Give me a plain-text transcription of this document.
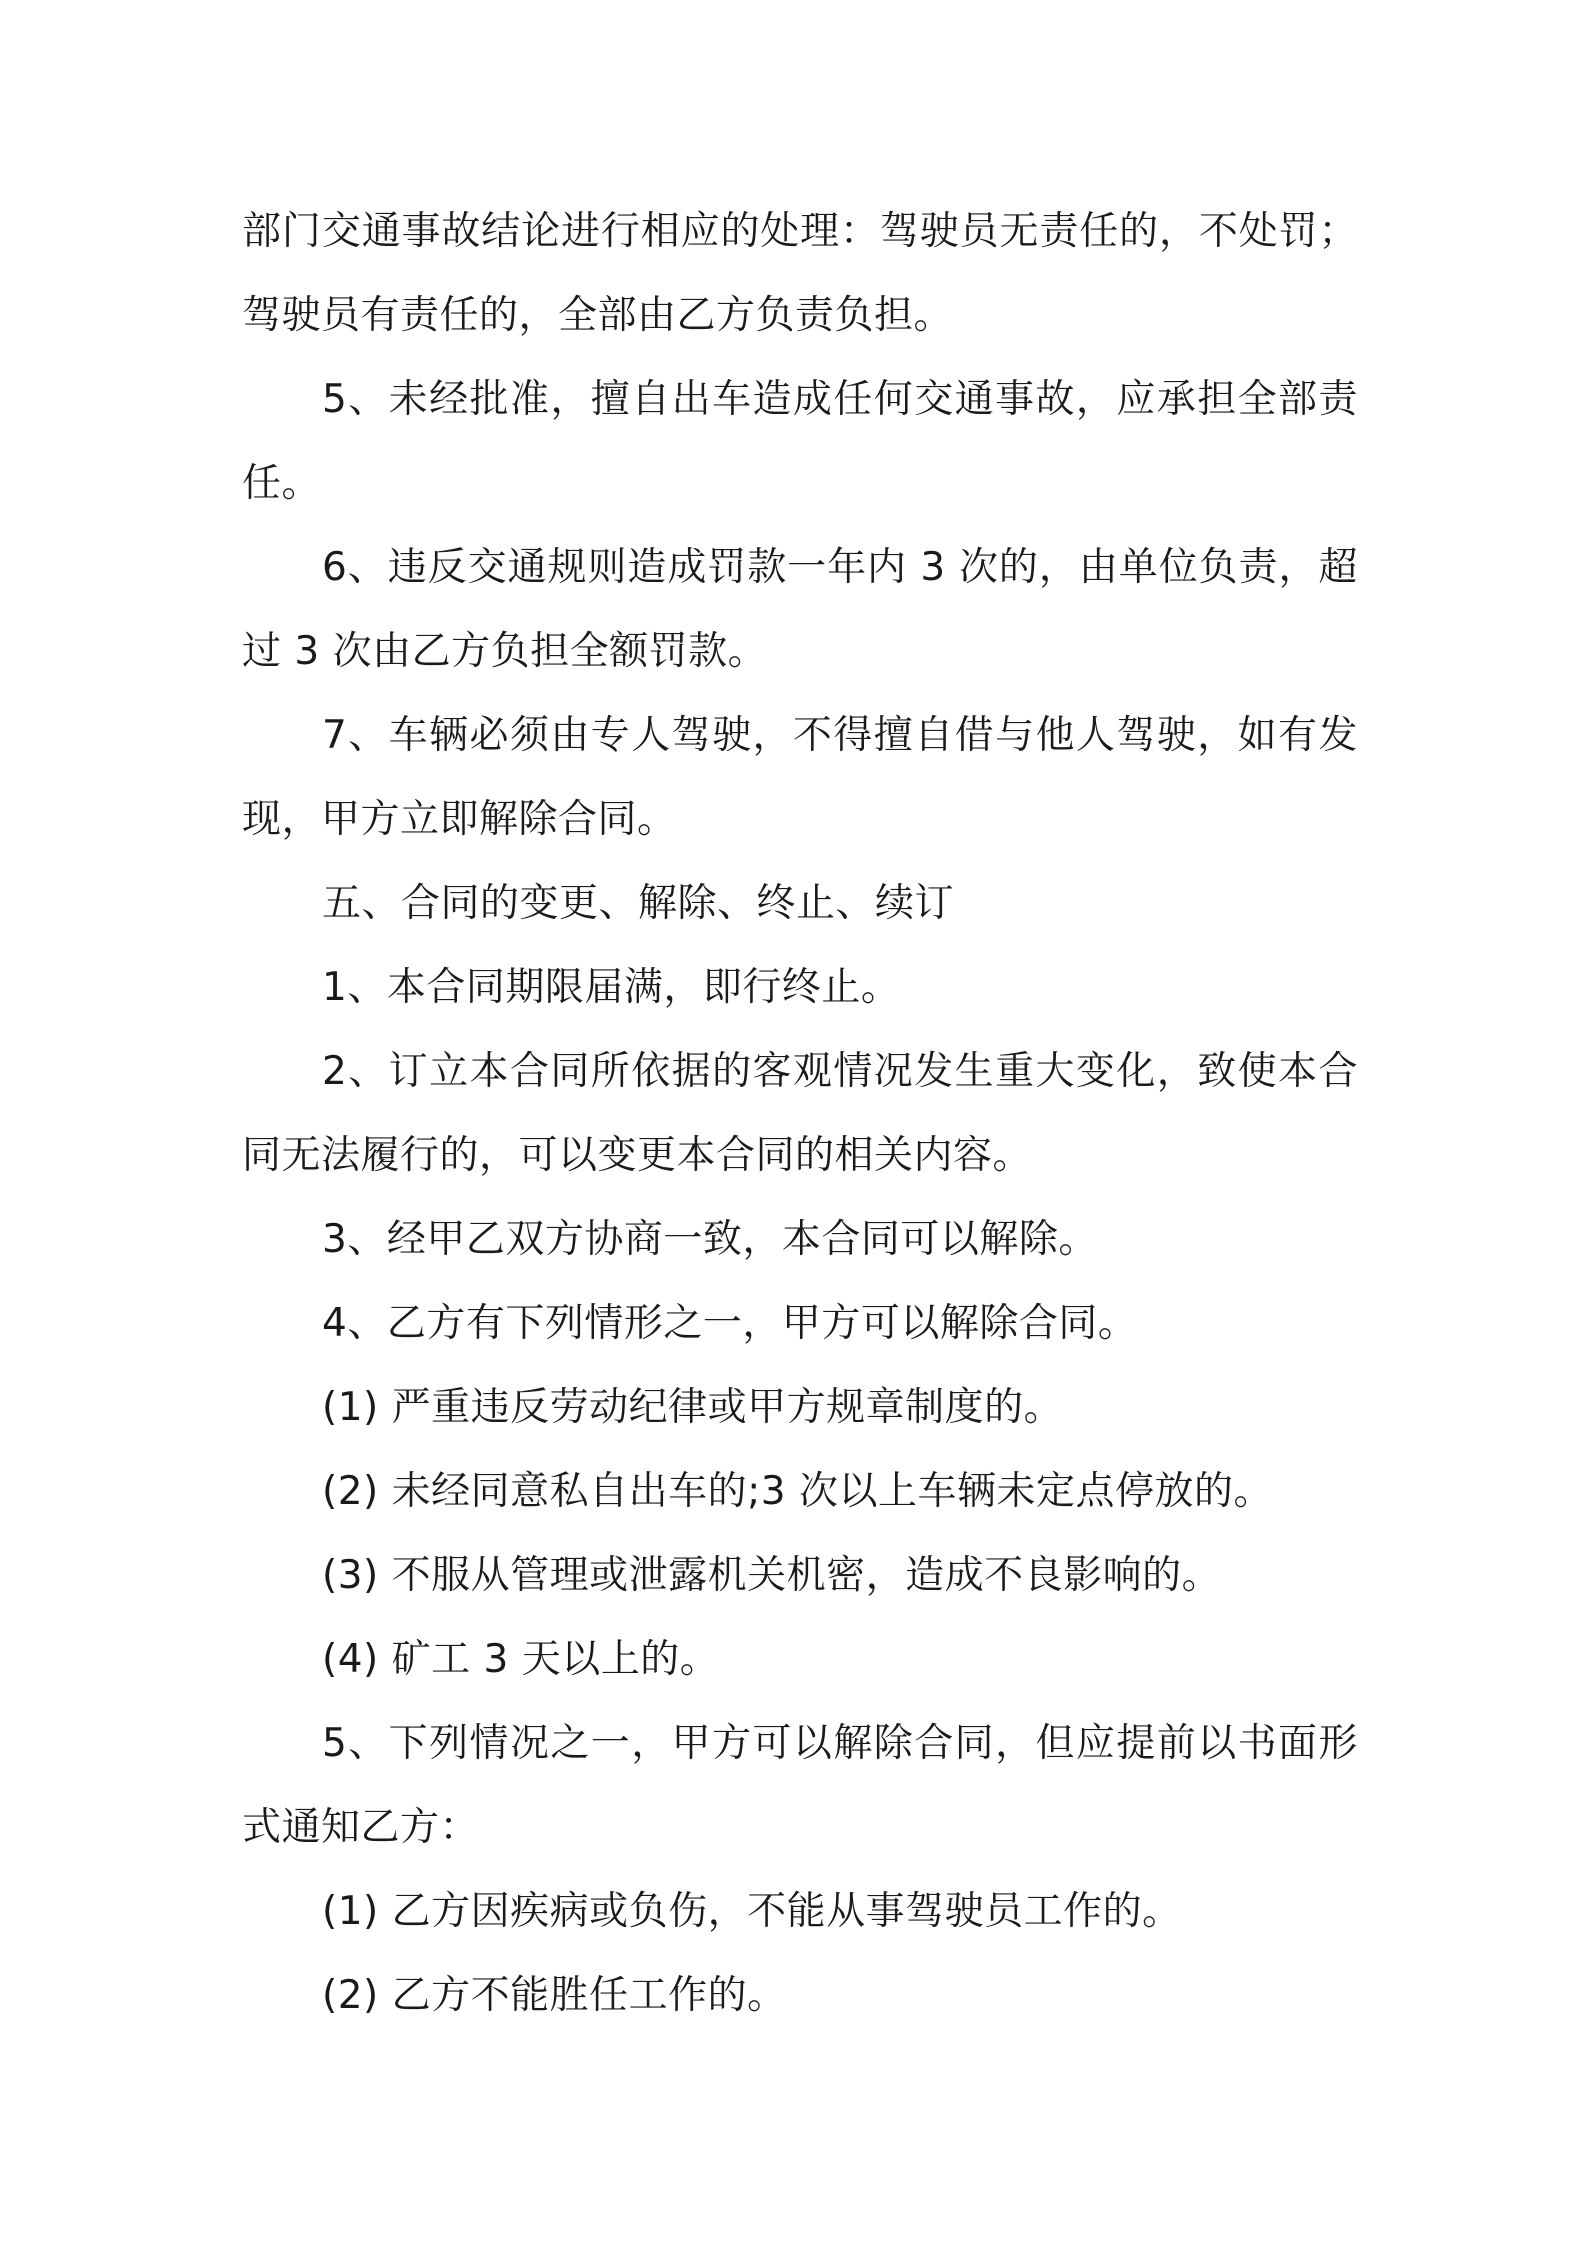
部门交通事故结论进行相应的处理：驾驶员无责任的，不处罚；驾驶员有责任的，全部由乙方负责负担。

5、未经批准，擅自出车造成任何交通事故，应承担全部责任。

6、违反交通规则造成罚款一年内 3 次的，由单位负责，超过 3 次由乙方负担全额罚款。

7、车辆必须由专人驾驶，不得擅自借与他人驾驶，如有发现，甲方立即解除合同。

五、合同的变更、解除、终止、续订

1、本合同期限届满，即行终止。

2、订立本合同所依据的客观情况发生重大变化，致使本合同无法履行的，可以变更本合同的相关内容。

3、经甲乙双方协商一致，本合同可以解除。

4、乙方有下列情形之一，甲方可以解除合同。

(1) 严重违反劳动纪律或甲方规章制度的。

(2) 未经同意私自出车的;3 次以上车辆未定点停放的。

(3) 不服从管理或泄露机关机密，造成不良影响的。

(4) 矿工 3 天以上的。

5、下列情况之一，甲方可以解除合同，但应提前以书面形式通知乙方：

(1) 乙方因疾病或负伤，不能从事驾驶员工作的。

(2) 乙方不能胜任工作的。
